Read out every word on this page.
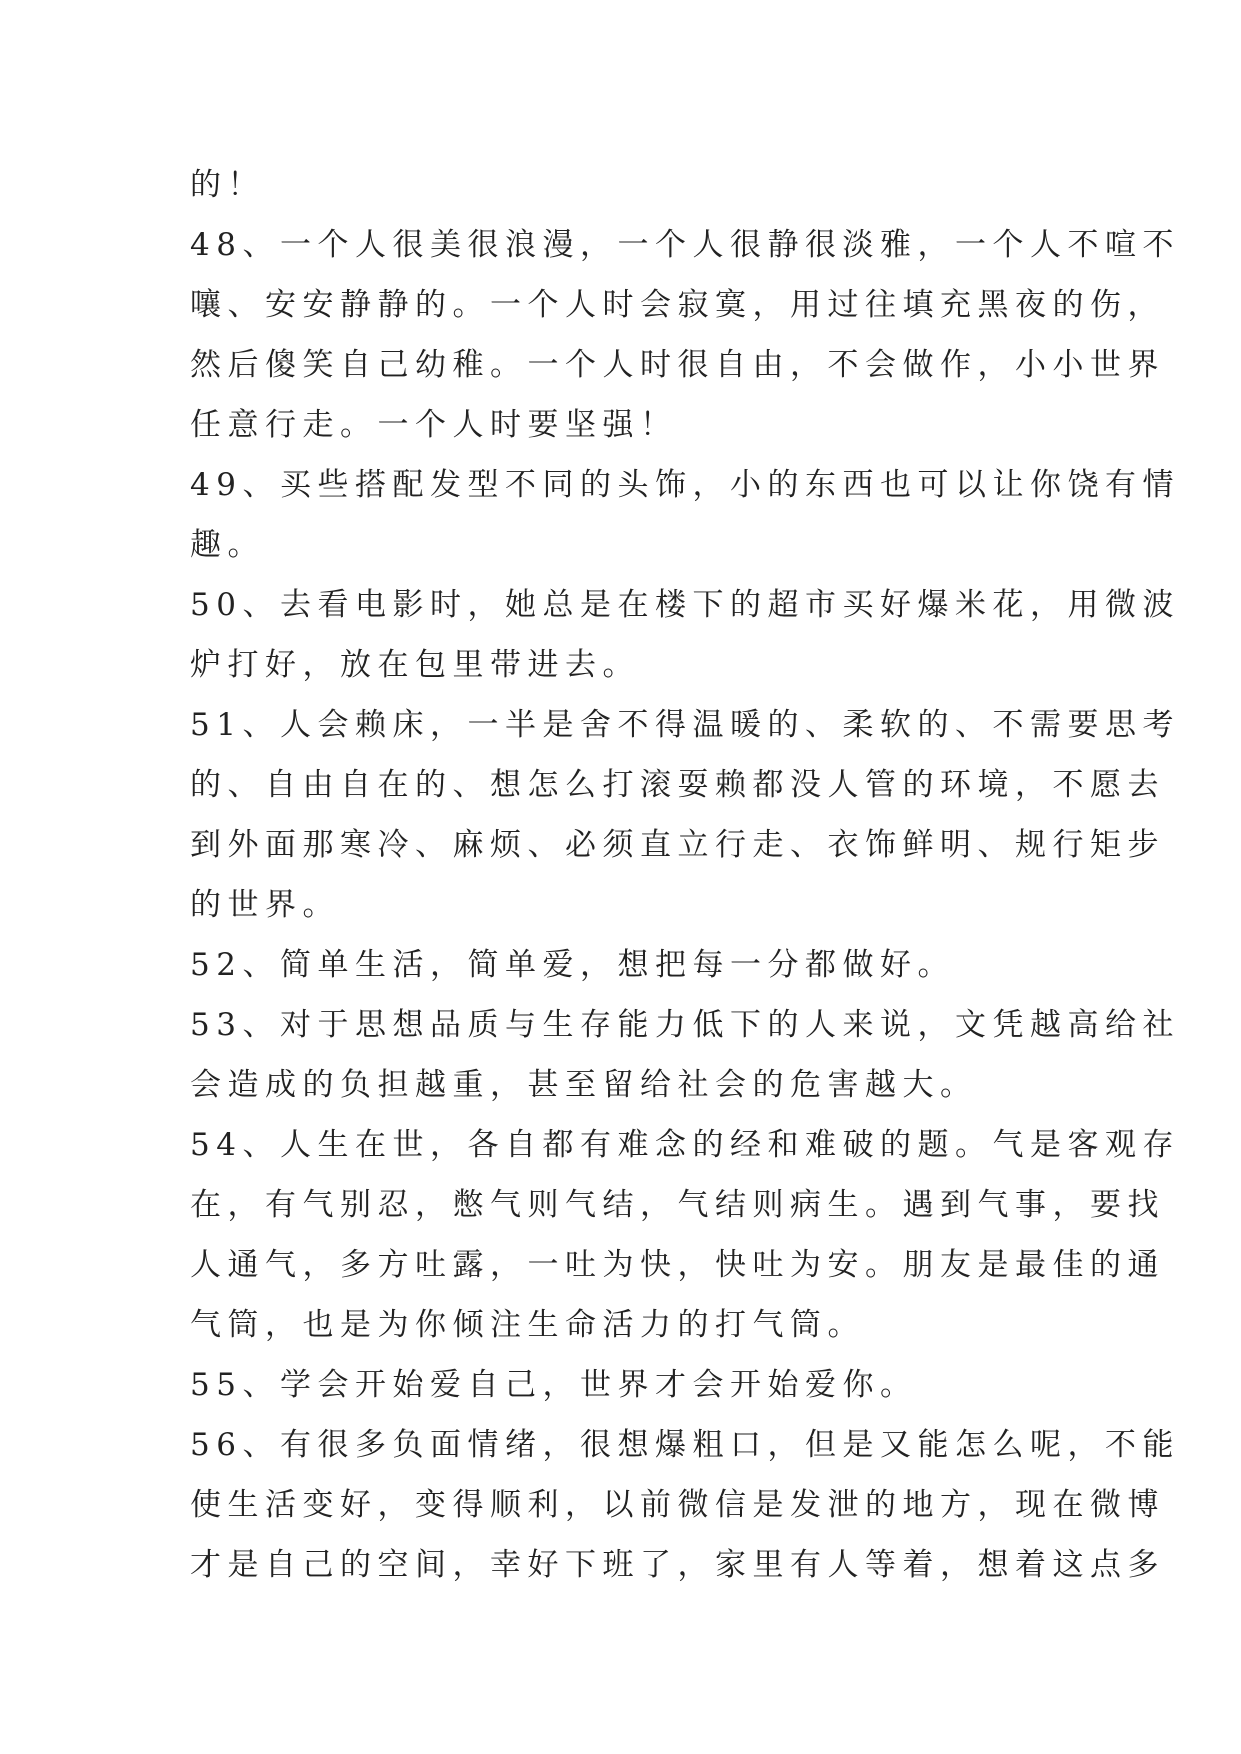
的！
48、一个人很美很浪漫，一个人很静很淡雅，一个人不喧不
嚷、安安静静的。一个人时会寂寞，用过往填充黑夜的伤，
然后傻笑自己幼稚。一个人时很自由，不会做作，小小世界
任意行走。一个人时要坚强！
49、买些搭配发型不同的头饰，小的东西也可以让你饶有情
趣。
50、去看电影时，她总是在楼下的超市买好爆米花，用微波
炉打好，放在包里带进去。
51、人会赖床，一半是舍不得温暖的、柔软的、不需要思考
的、自由自在的、想怎么打滚耍赖都没人管的环境，不愿去
到外面那寒冷、麻烦、必须直立行走、衣饰鲜明、规行矩步
的世界。
52、简单生活，简单爱，想把每一分都做好。
53、对于思想品质与生存能力低下的人来说，文凭越高给社
会造成的负担越重，甚至留给社会的危害越大。
54、人生在世，各自都有难念的经和难破的题。气是客观存
在，有气别忍，憋气则气结，气结则病生。遇到气事，要找
人通气，多方吐露，一吐为快，快吐为安。朋友是最佳的通
气筒，也是为你倾注生命活力的打气筒。
55、学会开始爱自己，世界才会开始爱你。
56、有很多负面情绪，很想爆粗口，但是又能怎么呢，不能
使生活变好，变得顺利，以前微信是发泄的地方，现在微博
才是自己的空间，幸好下班了，家里有人等着，想着这点多
